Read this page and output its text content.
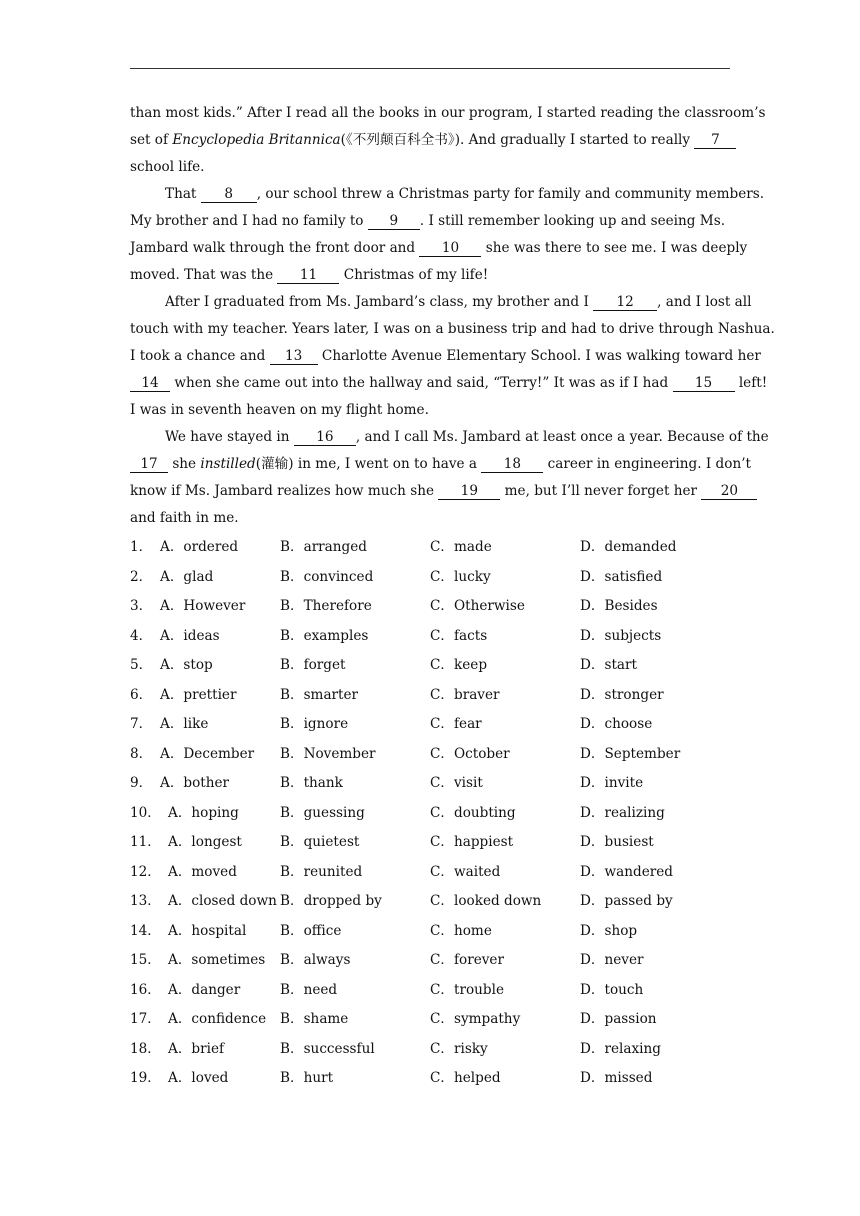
than most kids.” After I read all the books in our program, I started reading the classroom’s
set of Encyclopedia Britannica(《不列颠百科全书》). And gradually I started to really 7
school life.
That 8 , our school threw a Christmas party for family and community members.
My brother and I had no family to 9 . I still remember looking up and seeing Ms.
Jambard walk through the front door and 10 she was there to see me. I was deeply
moved. That was the 11 Christmas of my life!
After I graduated from Ms. Jambard’s class, my brother and I 12 , and I lost all
touch with my teacher. Years later, I was on a business trip and had to drive through Nashua.
I took a chance and 13 Charlotte Avenue Elementary School. I was walking toward her
14 when she came out into the hallway and said, “Terry!” It was as if I had 15 left!
I was in seventh heaven on my flight home.
We have stayed in 16 , and I call Ms. Jambard at least once a year. Because of the
17 she instilled(灌输) in me, I went on to have a 18 career in engineering. I don’t
know if Ms. Jambard realizes how much she 19 me, but I’ll never forget her 20
and faith in me.
1． A．ordered	B．arranged	C．made	D．demanded
2． A．glad	B．convinced	C．lucky	D．satisfied
3． A．However	B．Therefore	C．Otherwise	D．Besides
4． A．ideas	B．examples	C．facts	D．subjects
5． A．stop	B．forget	C．keep	D．start
6． A．prettier	B．smarter	C．braver	D．stronger
7． A．like	B．ignore	C．fear	D．choose
8． A．December B．November	C．October	D．September
9． A．bother	B．thank	C．visit	D．invite
10． A．hoping	B．guessing	C．doubting	D．realizing
11． A．longest	B．quietest	C．happiest	D．busiest
12． A．moved	B．reunited	C．waited	D．wandered
13． A．closed down B．dropped by	C．looked down	D．passed by
14． A．hospital B．office	C．home	D．shop
15． A．sometimes B．always	C．forever	D．never
16． A．danger	B．need	C．trouble	D．touch
17． A．confidence B．shame	C．sympathy	D．passion
18． A．brief	B．successful	C．risky	D．relaxing
19． A．loved	B．hurt	C．helped	D．missed
